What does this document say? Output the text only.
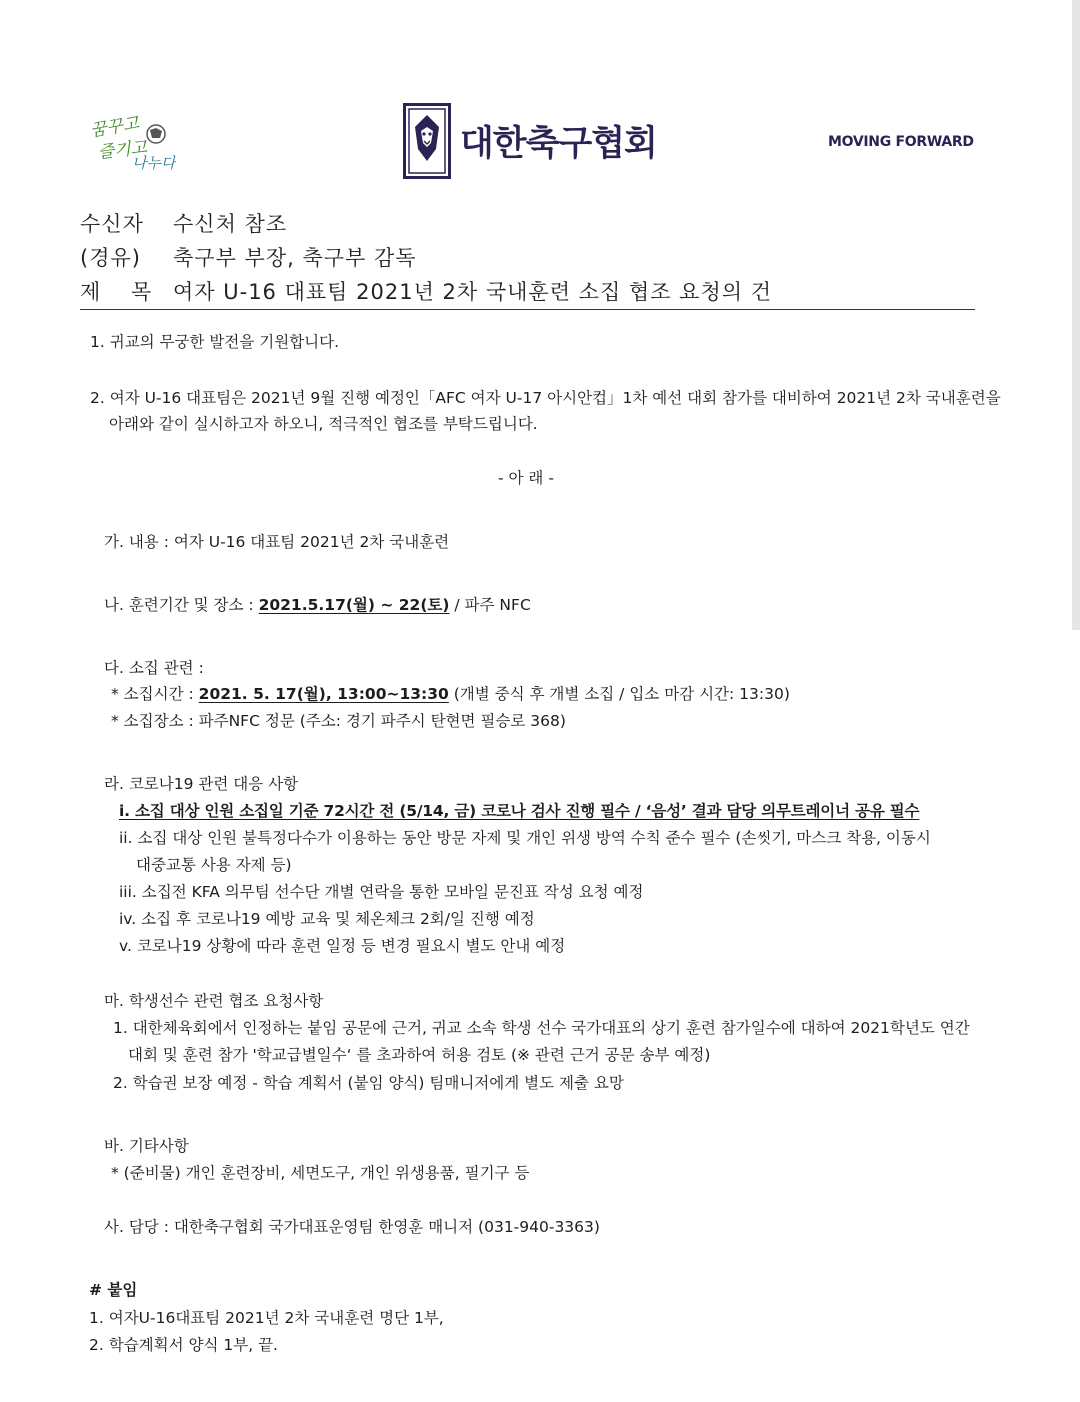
꿈꾸고
즐기고
나누다	대한축구협회	MOVING FORWARD
수신자 수신처 참조
(경유) 축구부 부장, 축구부 감독
제 목 여자 U-16 대표팀 2021년 2차 국내훈련 소집 협조 요청의 건
1. 귀교의 무궁한 발전을 기원합니다.
2. 여자 U-16 대표팀은 2021년 9월 진행 예정인「AFC 여자 U-17 아시안컵」1차 예선 대회 참가를 대비하여 2021년 2차 국내훈련을
아래와 같이 실시하고자 하오니, 적극적인 협조를 부탁드립니다.
- 아 래 -
가. 내용 : 여자 U-16 대표팀 2021년 2차 국내훈련
나. 훈련기간 및 장소 : 2021.5.17(월) ~ 22(토) / 파주 NFC
다. 소집 관련 :
* 소집시간 : 2021. 5. 17(월), 13:00~13:30 (개별 중식 후 개별 소집 / 입소 마감 시간: 13:30)
* 소집장소 : 파주NFC 정문 (주소: 경기 파주시 탄현면 필승로 368)
라. 코로나19 관련 대응 사항
i. 소집 대상 인원 소집일 기준 72시간 전 (5/14, 금) 코로나 검사 진행 필수 / ‘음성’ 결과 담당 의무트레이너 공유 필수
ii. 소집 대상 인원 불특정다수가 이용하는 동안 방문 자제 및 개인 위생 방역 수칙 준수 필수 (손씻기, 마스크 착용, 이동시
대중교통 사용 자제 등)
iii. 소집전 KFA 의무팀 선수단 개별 연락을 통한 모바일 문진표 작성 요청 예정
iv. 소집 후 코로나19 예방 교육 및 체온체크 2회/일 진행 예정
v. 코로나19 상황에 따라 훈련 일정 등 변경 필요시 별도 안내 예정
마. 학생선수 관련 협조 요청사항
1. 대한체육회에서 인정하는 붙임 공문에 근거, 귀교 소속 학생 선수 국가대표의 상기 훈련 참가일수에 대하여 2021학년도 연간
대회 및 훈련 참가 '학교급별일수‘ 를 초과하여 허용 검토 (※ 관련 근거 공문 송부 예정)
2. 학습권 보장 예정 - 학습 계획서 (붙임 양식) 팀매니저에게 별도 제출 요망
바. 기타사항
* (준비물) 개인 훈련장비, 세면도구, 개인 위생용품, 필기구 등
사. 담당 : 대한축구협회 국가대표운영팀 한영훈 매니저 (031-940-3363)
# 붙임
1. 여자U-16대표팀 2021년 2차 국내훈련 명단 1부,
2. 학습계획서 양식 1부, 끝.
